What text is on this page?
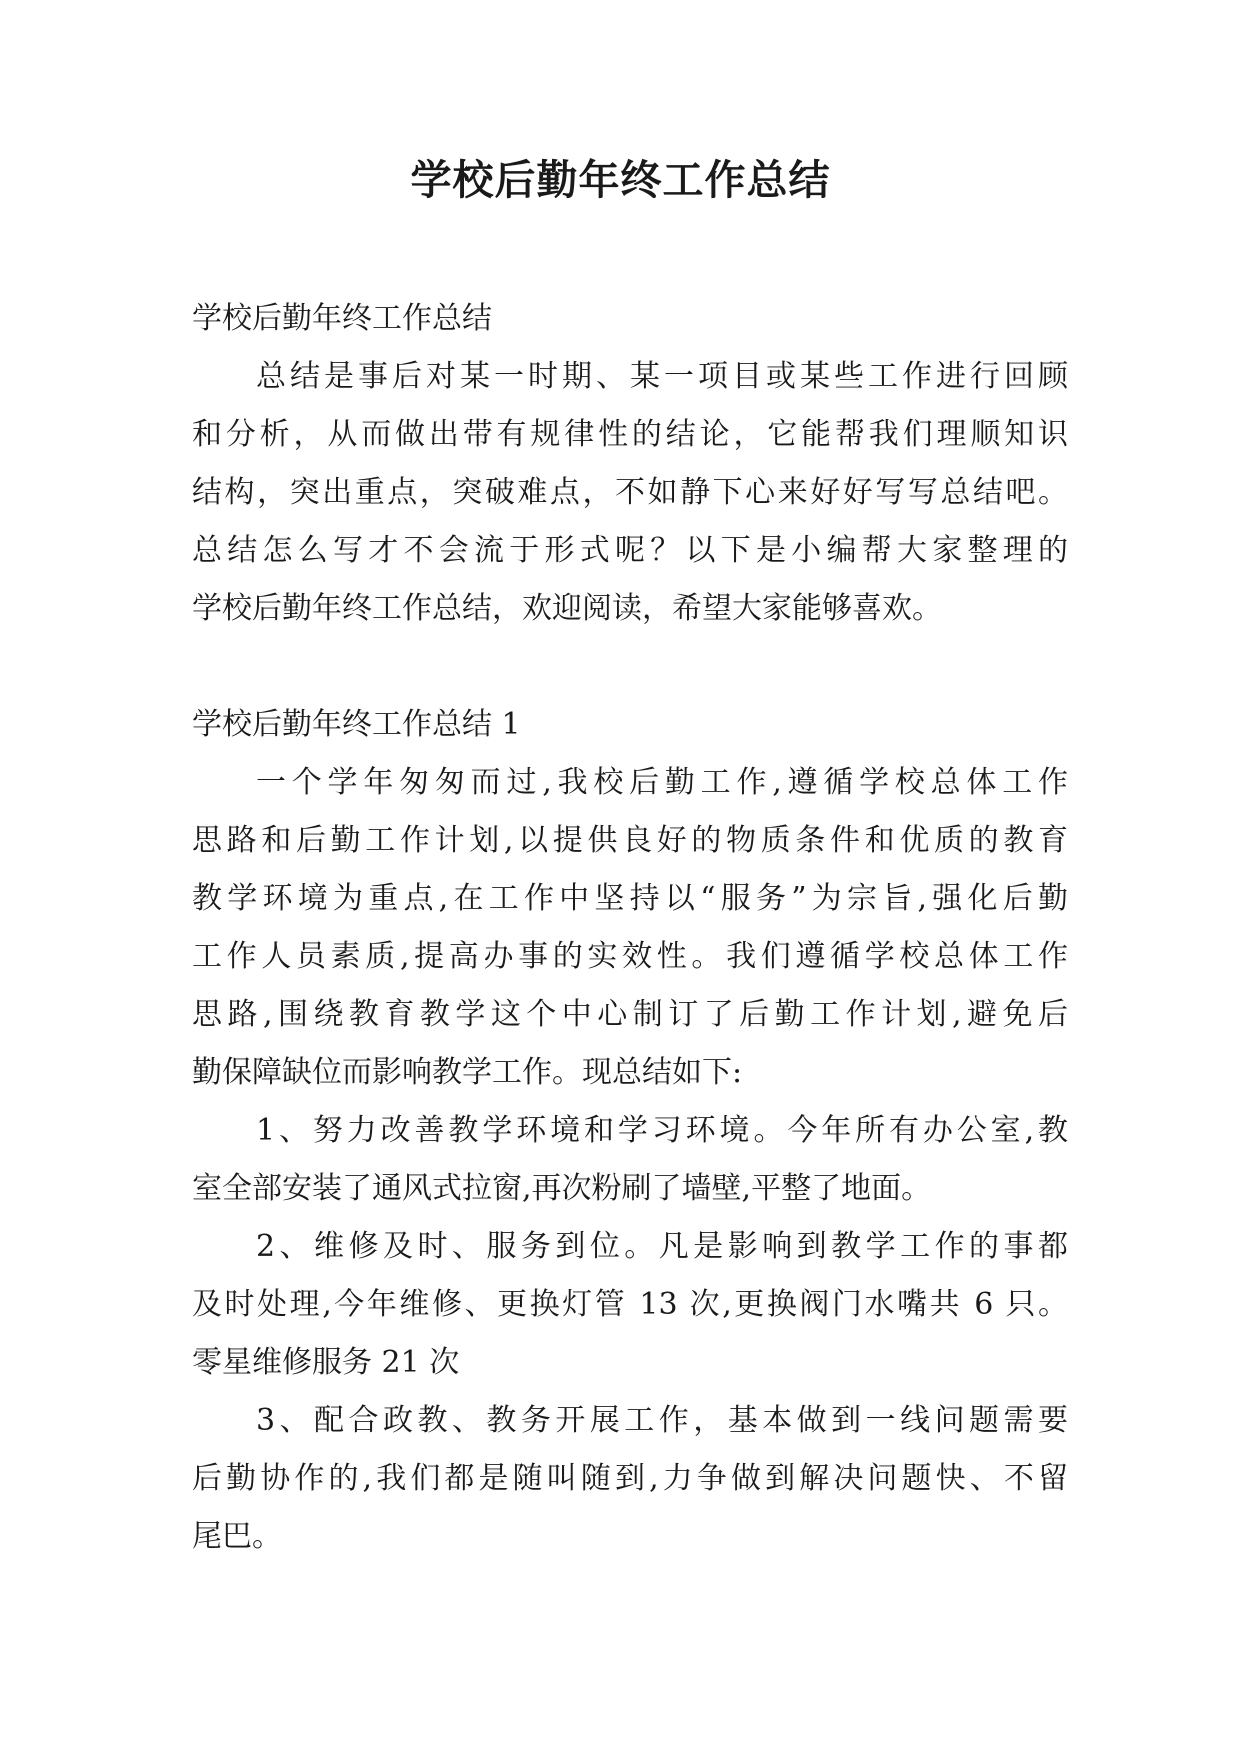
学校后勤年终工作总结
学校后勤年终工作总结
总结是事后对某一时期、某一项目或某些工作进行回顾
和分析，从而做出带有规律性的结论，它能帮我们理顺知识
结构，突出重点，突破难点，不如静下心来好好写写总结吧。
总结怎么写才不会流于形式呢？以下是小编帮大家整理的
学校后勤年终工作总结，欢迎阅读，希望大家能够喜欢。
学校后勤年终工作总结 1
一个学年匆匆而过,我校后勤工作,遵循学校总体工作
思路和后勤工作计划,以提供良好的物质条件和优质的教育
教学环境为重点,在工作中坚持以“服务”为宗旨,强化后勤
工作人员素质,提高办事的实效性。我们遵循学校总体工作
思路,围绕教育教学这个中心制订了后勤工作计划,避免后
勤保障缺位而影响教学工作。现总结如下:
1、努力改善教学环境和学习环境。今年所有办公室,教
室全部安装了通风式拉窗,再次粉刷了墙壁,平整了地面。
2、维修及时、服务到位。凡是影响到教学工作的事都
及时处理,今年维修、更换灯管 13 次,更换阀门水嘴共 6 只。
零星维修服务 21 次
3、配合政教、教务开展工作，基本做到一线问题需要
后勤协作的,我们都是随叫随到,力争做到解决问题快、不留
尾巴。
